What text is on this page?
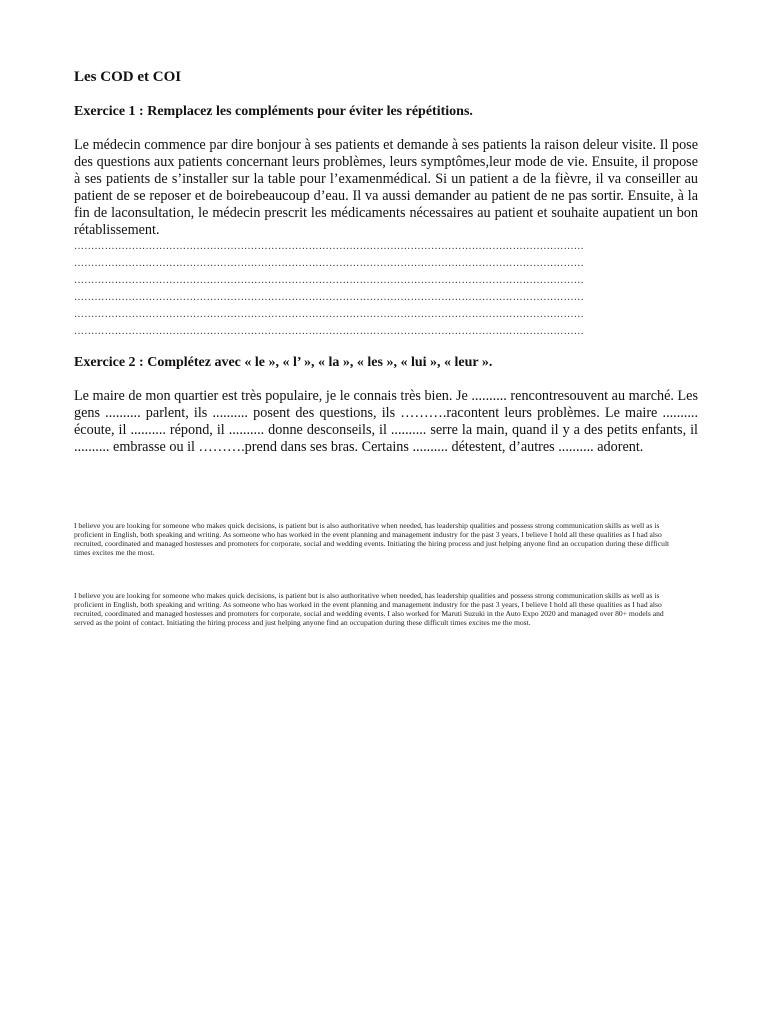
Les COD et COI
Exercice 1 : Remplacez les compléments pour éviter les répétitions.

Le médecin commence par dire bonjour à ses patients et demande à ses patients la raison deleur visite. Il pose des questions aux patients concernant leurs problèmes, leurs symptômes,leur mode de vie. Ensuite, il propose à ses patients de s’installer sur la table pour l’examenmédical. Si un patient a de la fièvre, il va conseiller au patient de se reposer et de boirebeaucoup d’eau. Il va aussi demander au patient de ne pas sortir. Ensuite, à la fin de laconsultation, le médecin prescrit les médicaments nécessaires au patient et souhaite aupatient un bon rétablissement.

……………………………………………………………………………………………………………………………………
……………………………………………………………………………………………………………………………………
……………………………………………………………………………………………………………………………………
……………………………………………………………………………………………………………………………………
……………………………………………………………………………………………………………………………………
……………………………………………………………………………………………………………………………………
Exercice 2 : Complétez avec « le », « l’ », « la », « les », « lui », « leur ».

Le maire de mon quartier est très populaire, je le connais très bien. Je .......... rencontresouvent au marché. Les gens .......... parlent, ils .......... posent des questions, ils ……….racontent leurs problèmes. Le maire .......... écoute, il .......... répond, il .......... donne desconseils, il .......... serre la main, quand il y a des petits enfants, il .......... embrasse ou il ……….prend dans ses bras. Certains .......... détestent, d’autres .......... adorent.

I believe you are looking for someone who makes quick decisions, is patient but is also authoritative when needed, has leadership qualities and possess strong communication skills as well as is proficient in English, both speaking and writing. As someone who has worked in the event planning and management industry for the past 3 years, I believe I hold all these qualities as I had also recruited, coordinated and managed hostesses and promoters for corporate, social and wedding events. Initiating the hiring process and just helping anyone find an occupation during these difficult times excites me the most.

I believe you are looking for someone who makes quick decisions, is patient but is also authoritative when needed, has leadership qualities and possess strong communication skills as well as is proficient in English, both speaking and writing. As someone who has worked in the event planning and management industry for the past 3 years, I believe I hold all these qualities as I had also recruited, coordinated and managed hostesses and promoters for corporate, social and wedding events. I also worked for Maruti Suzuki in the Auto Expo 2020 and managed over 80+ models and served as the point of contact. Initiating the hiring process and just helping anyone find an occupation during these difficult times excites me the most.
